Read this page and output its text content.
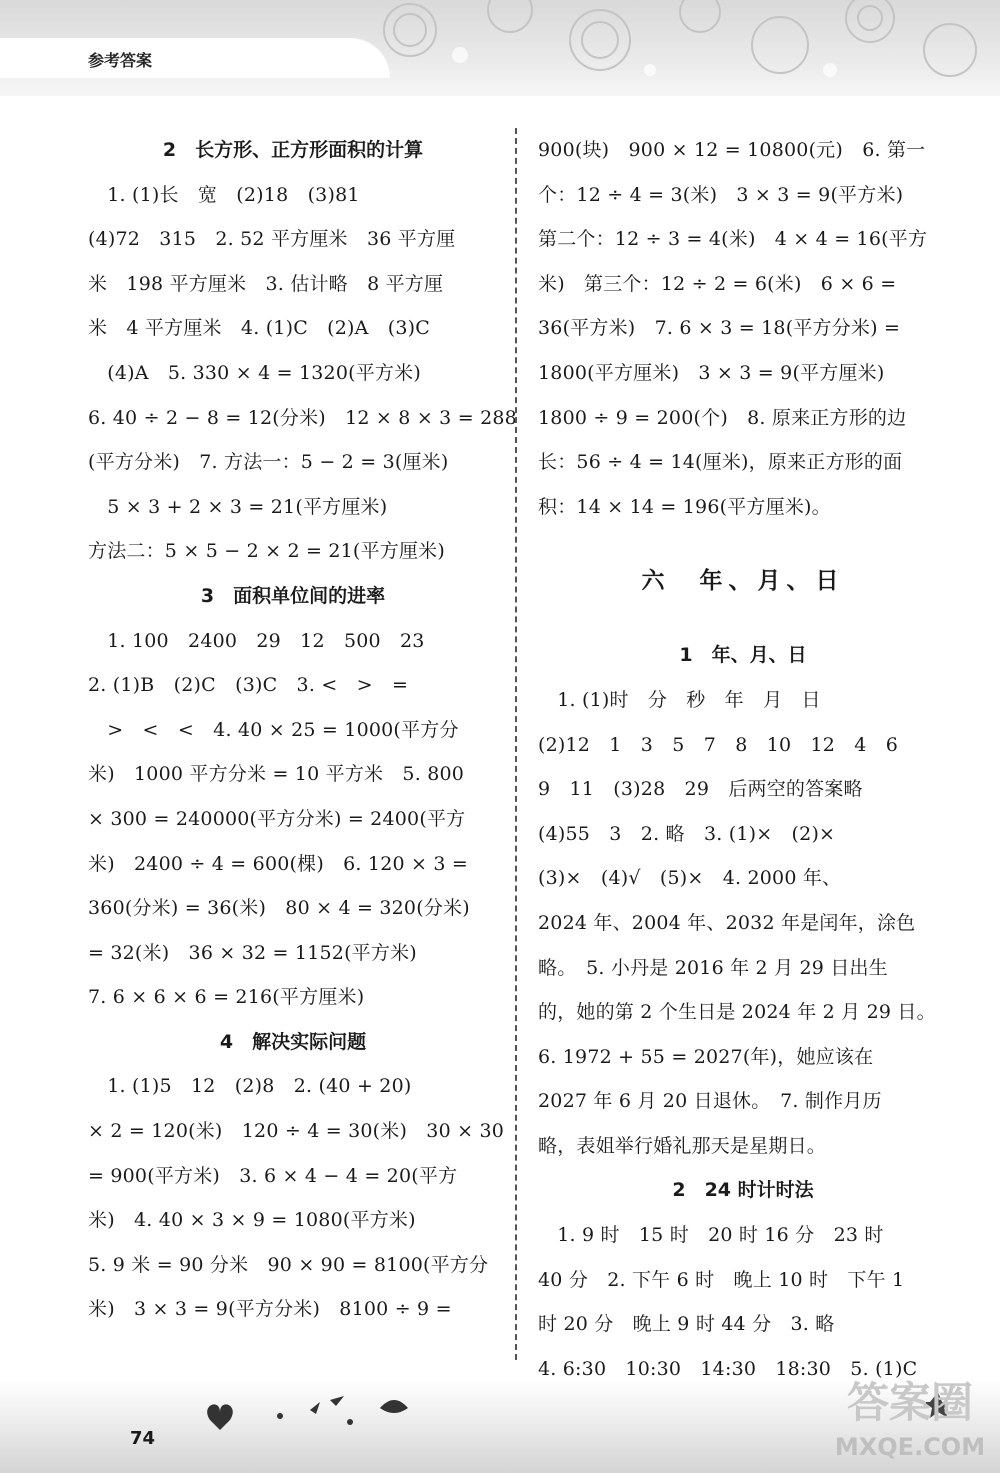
参考答案
2　长方形、正方形面积的计算
　1. (1)长　宽　(2)18　(3)81
(4)72　315　2. 52 平方厘米　36 平方厘
米　198 平方厘米　3. 估计略　8 平方厘
米　4 平方厘米　4. (1)C　(2)A　(3)C
　(4)A　5. 330 × 4 = 1320(平方米)
6. 40 ÷ 2 − 8 = 12(分米)　12 × 8 × 3 = 288
(平方分米)　7. 方法一：5 − 2 = 3(厘米)
　5 × 3 + 2 × 3 = 21(平方厘米)
方法二：5 × 5 − 2 × 2 = 21(平方厘米)
3　面积单位间的进率
　1. 100　2400　29　12　500　23
2. (1)B　(2)C　(3)C　3. <　>　=
　>　<　<　4. 40 × 25 = 1000(平方分
米)　1000 平方分米 = 10 平方米　5. 800
× 300 = 240000(平方分米) = 2400(平方
米)　2400 ÷ 4 = 600(棵)　6. 120 × 3 =
360(分米) = 36(米)　80 × 4 = 320(分米)
= 32(米)　36 × 32 = 1152(平方米)
7. 6 × 6 × 6 = 216(平方厘米)
4　解决实际问题
　1. (1)5　12　(2)8　2. (40 + 20)
× 2 = 120(米)　120 ÷ 4 = 30(米)　30 × 30
= 900(平方米)　3. 6 × 4 − 4 = 20(平方
米)　4. 40 × 3 × 9 = 1080(平方米)
5. 9 米 = 90 分米　90 × 90 = 8100(平方分
米)　3 × 3 = 9(平方分米)　8100 ÷ 9 =
900(块)　900 × 12 = 10800(元)　6. 第一
个：12 ÷ 4 = 3(米)　3 × 3 = 9(平方米)
第二个：12 ÷ 3 = 4(米)　4 × 4 = 16(平方
米)　第三个：12 ÷ 2 = 6(米)　6 × 6 =
36(平方米)　7. 6 × 3 = 18(平方分米) =
1800(平方厘米)　3 × 3 = 9(平方厘米)
1800 ÷ 9 = 200(个)　8. 原来正方形的边
长：56 ÷ 4 = 14(厘米)，原来正方形的面
积：14 × 14 = 196(平方厘米)。
六　年、月、日
1　年、月、日
　1. (1)时　分　秒　年　月　日
(2)12　1　3　5　7　8　10　12　4　6
9　11　(3)28　29　后两空的答案略
(4)55　3　2. 略　3. (1)×　(2)×
(3)×　(4)√　(5)×　4. 2000 年、
2024 年、2004 年、2032 年是闰年，涂色
略。　5. 小丹是 2016 年 2 月 29 日出生
的，她的第 2 个生日是 2024 年 2 月 29 日。
6. 1972 + 55 = 2027(年)，她应该在
2027 年 6 月 20 日退休。　7. 制作月历
略，表姐举行婚礼那天是星期日。
2　24 时计时法
　1. 9 时　15 时　20 时 16 分　23 时
40 分　2. 下午 6 时　晚上 10 时　下午 1
时 20 分　晚上 9 时 44 分　3. 略
4. 6:30　10:30　14:30　18:30　5. (1)C
74
答案圈
MXQE.COM
